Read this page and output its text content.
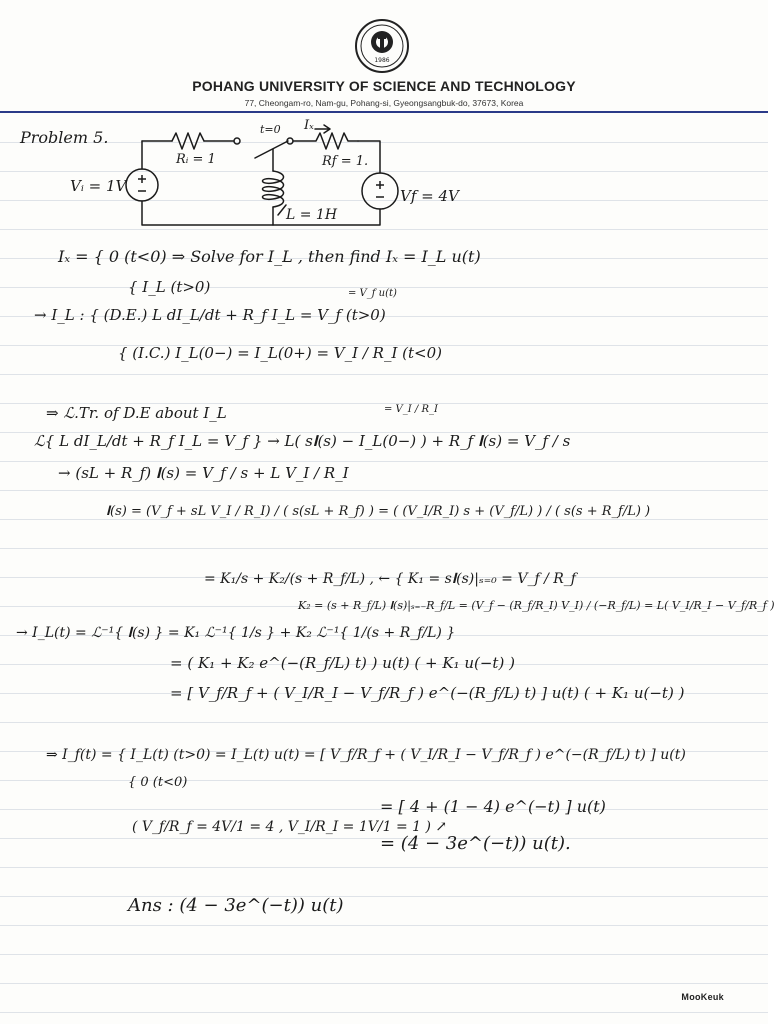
1986
POHANG UNIVERSITY OF SCIENCE AND TECHNOLOGY
77, Cheongam-ro, Nam-gu, Pohang-si, Gyeongsangbuk-do, 37673, Korea
Problem 5.
Vᵢ = 1V
Rᵢ = 1
t=0 Iₓ
Rf = 1.
L = 1H
Vf = 4V
Iₓ = { 0 (t<0) ⇒ Solve for I_L , then find Iₓ = I_L u(t)
{ I_L (t>0)	= V_f u(t)
→ I_L : { (D.E.) L dI_L/dt + R_f I_L = V_f (t>0)
{ (I.C.) I_L(0−) = I_L(0+) = V_I / R_I (t<0)
⇒ ℒ.Tr. of D.E about I_L	= V_I / R_I
ℒ{ L dI_L/dt + R_f I_L = V_f } → L( s𝐈(s) − I_L(0−) ) + R_f 𝐈(s) = V_f / s
→ (sL + R_f) 𝐈(s) = V_f / s + L V_I / R_I
𝐈(s) = (V_f + sL V_I / R_I) / ( s(sL + R_f) ) = ( (V_I/R_I) s + (V_f/L) ) / ( s(s + R_f/L) )
= K₁/s + K₂/(s + R_f/L) , ← { K₁ = s𝐈(s)|ₛ₌₀ = V_f / R_f
K₂ = (s + R_f/L) 𝐈(s)|ₛ₌₋R_f/L = (V_f − (R_f/R_I) V_I) / (−R_f/L) = L( V_I/R_I − V_f/R_f )
→ I_L(t) = ℒ⁻¹{ 𝐈(s) } = K₁ ℒ⁻¹{ 1/s } + K₂ ℒ⁻¹{ 1/(s + R_f/L) }
= ( K₁ + K₂ e^(−(R_f/L) t) ) u(t) ( + K₁ u(−t) )
= [ V_f/R_f + ( V_I/R_I − V_f/R_f ) e^(−(R_f/L) t) ] u(t) ( + K₁ u(−t) )
⇒ I_f(t) = { I_L(t) (t>0) = I_L(t) u(t) = [ V_f/R_f + ( V_I/R_I − V_f/R_f ) e^(−(R_f/L) t) ] u(t)
{ 0 (t<0)
( V_f/R_f = 4V/1 = 4 , V_I/R_I = 1V/1 = 1 ) ↗
= [ 4 + (1 − 4) e^(−t) ] u(t)
= (4 − 3e^(−t)) u(t).
Ans : (4 − 3e^(−t)) u(t)
MooKeuk
